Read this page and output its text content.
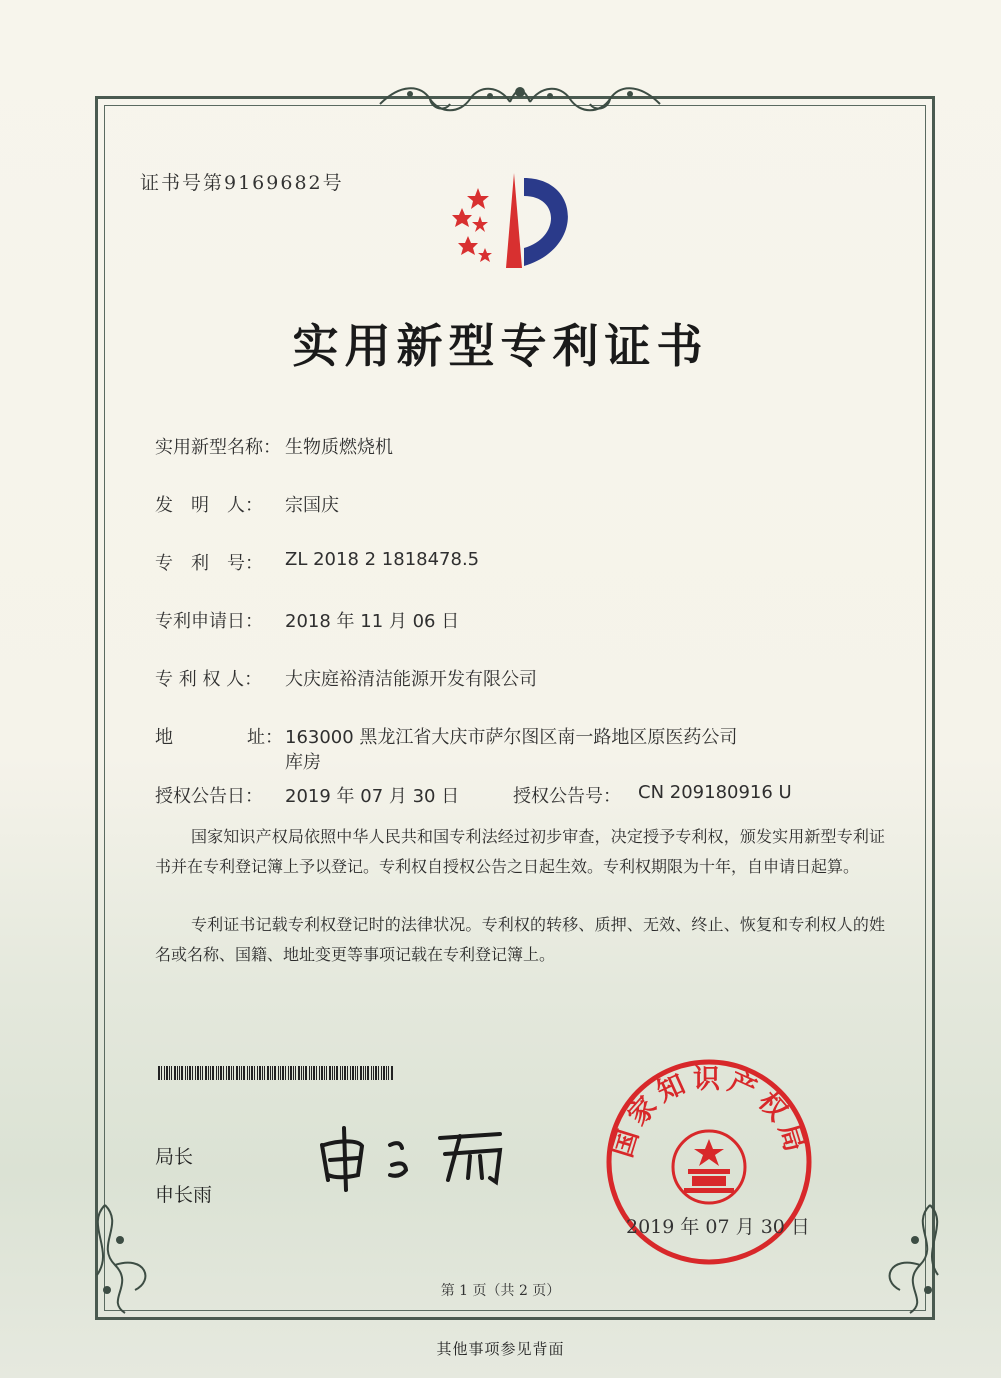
证书号第9169682号
实用新型专利证书
实用新型名称： 生物质燃烧机
发　明　人： 宗国庆
专　利　号： ZL 2018 2 1818478.5
专利申请日： 2018 年 11 月 06 日
专 利 权 人： 大庆庭裕清洁能源开发有限公司
地	址： 163000 黑龙江省大庆市萨尔图区南一路地区原医药公司
库房
授权公告日： 2019 年 07 月 30 日	授权公告号： CN 209180916 U
国家知识产权局依照中华人民共和国专利法经过初步审查，决定授予专利权，颁发实用新型专利证书并在专利登记簿上予以登记。专利权自授权公告之日起生效。专利权期限为十年，自申请日起算。
专利证书记载专利权登记时的法律状况。专利权的转移、质押、无效、终止、恢复和专利权人的姓名或名称、国籍、地址变更等事项记载在专利登记簿上。
局长
申长雨
国家知识产权局
2019 年 07 月 30 日
第 1 页（共 2 页）
其他事项参见背面
